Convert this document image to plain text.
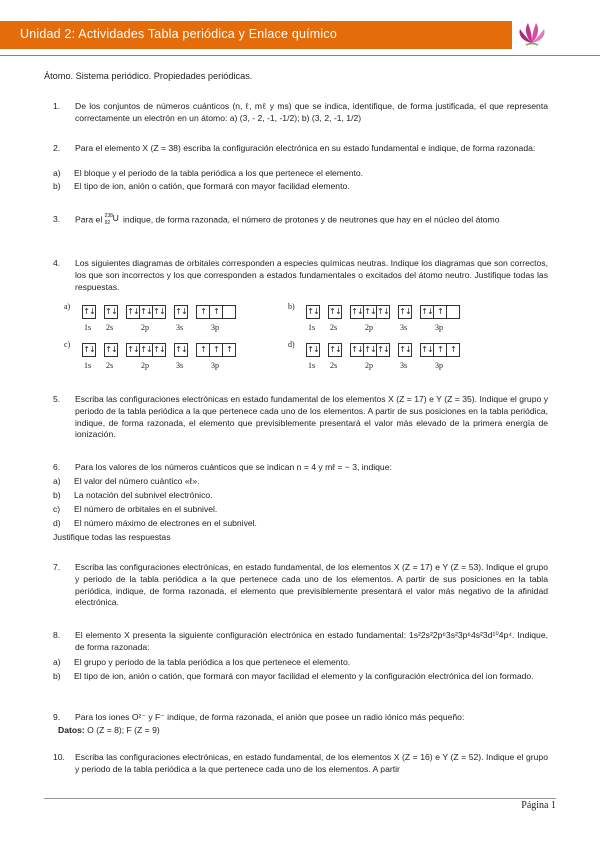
Unidad 2: Actividades Tabla periódica y Enlace químico
Átomo. Sistema periódico. Propiedades periódicas.
1.	De los conjuntos de números cuánticos (n, ℓ, mℓ y ms) que se indica, identifique, de forma justificada, el que representa correctamente un electrón en un átomo: a) (3, - 2, -1, -1/2); b) (3, 2, -1, 1/2)
2.	Para el elemento X (Z = 38) escriba la configuración electrónica en su estado fundamental e indique, de forma razonada:
a) El bloque y el periodo de la tabla periódica a los que pertenece el elemento.
b) El tipo de ion, anión o catión, que formará con mayor facilidad elemento.
3.	Para el 238
92 U indique, de forma razonada, el número de protones y de neutrones que hay en el núcleo del átomo
4.	Los siguientes diagramas de orbitales corresponden a especies químicas neutras. Indique los diagramas que son correctos, los que son incorrectos y los que corresponden a estados fundamentales o excitados del átomo neutro. Justifique todas las respuestas.
a)
↑↓
1s
↑↓
2s
↑↓ ↑↓ ↑↓
2p
↑↓
3s
↑ ↑
3p
b)
↑↓
1s
↑↓
2s
↑↓ ↑↓ ↑↓
2p
↑↓
3s
↑↓ ↑
3p
c)
↑↓
1s
↑↓
2s
↑↓ ↑↓ ↑↓
2p
↑↓
3s
↑ ↑ ↑
3p
d)
↑↓
1s
↑↓
2s
↑↓ ↑↓ ↑↓
2p
↑↓
3s
↑↓ ↑ ↑
3p
5.	Escriba las configuraciones electrónicas en estado fundamental de los elementos X (Z = 17) e Y (Z = 35). Indique el grupo y periodo de la tabla periódica a la que pertenece cada uno de los elementos. A partir de sus posiciones en la tabla periódica, indique, de forma razonada, el elemento que previsiblemente presentará el valor más elevado de la primera energía de ionización.
6.	Para los valores de los números cuánticos que se indican n = 4 y mℓ = − 3, indique:
a) El valor del número cuántico «ℓ».
b) La notación del subnivel electrónico.
c) El número de orbitales en el subnivel.
d) El número máximo de electrones en el subnivel.
Justifique todas las respuestas
7.	Escriba las configuraciones electrónicas, en estado fundamental, de los elementos X (Z = 17) e Y (Z = 53). Indique el grupo y periodo de la tabla periódica a la que pertenece cada uno de los elementos. A partir de sus posiciones en la tabla periódica, indique, de forma razonada, el elemento que previsiblemente presentará el valor más negativo de la afinidad electrónica.
8.	El elemento X presenta la siguiente configuración electrónica en estado fundamental: 1s²2s²2p⁶3s²3p⁶4s²3d¹⁰4p⁴. Indique, de forma razonada:
a) El grupo y periodo de la tabla periódica a los que pertenece el elemento.
b) El tipo de ion, anión o catión, que formará con mayor facilidad el elemento y la configuración electrónica del ion formado.
9.	Para los iones O²⁻ y F⁻ indique, de forma razonada, el anión que posee un radio iónico más pequeño:
Datos: O (Z = 8); F (Z = 9)
10.	Escriba las configuraciones electrónicas, en estado fundamental, de los elementos X (Z = 16) e Y (Z = 52). Indique el grupo y periodo de la tabla periódica a la que pertenece cada uno de los elementos. A partir
Página 1
